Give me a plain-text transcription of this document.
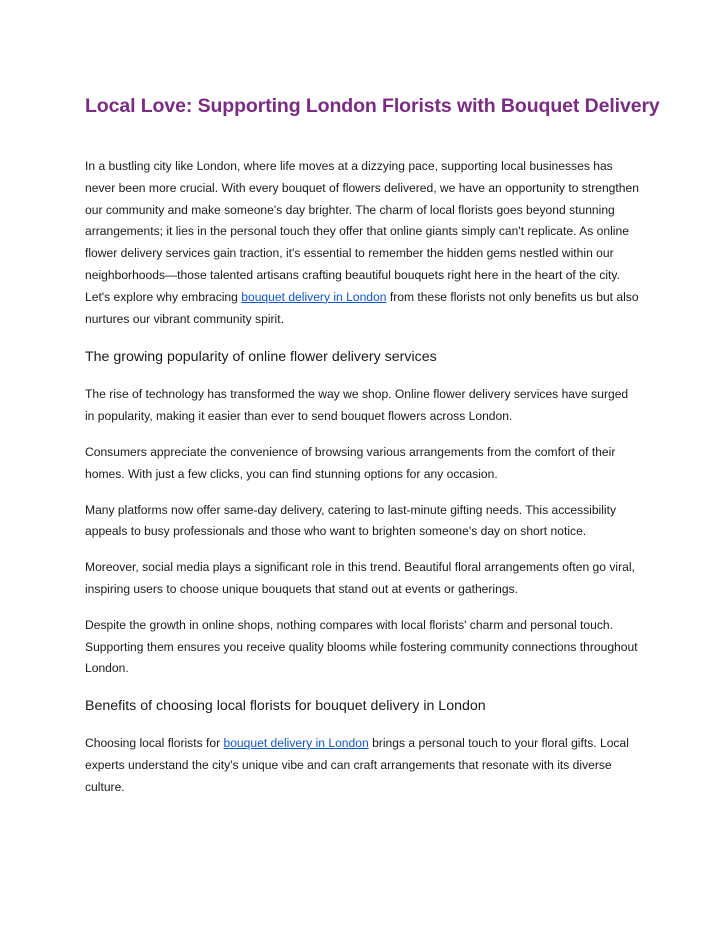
Local Love: Supporting London Florists with Bouquet Delivery

In a bustling city like London, where life moves at a dizzying pace, supporting local businesses has never been more crucial. With every bouquet of flowers delivered, we have an opportunity to strengthen our community and make someone's day brighter. The charm of local florists goes beyond stunning arrangements; it lies in the personal touch they offer that online giants simply can't replicate. As online flower delivery services gain traction, it's essential to remember the hidden gems nestled within our neighborhoods—those talented artisans crafting beautiful bouquets right here in the heart of the city. Let's explore why embracing bouquet delivery in London from these florists not only benefits us but also nurtures our vibrant community spirit.

The growing popularity of online flower delivery services

The rise of technology has transformed the way we shop. Online flower delivery services have surged in popularity, making it easier than ever to send bouquet flowers across London.

Consumers appreciate the convenience of browsing various arrangements from the comfort of their homes. With just a few clicks, you can find stunning options for any occasion.

Many platforms now offer same-day delivery, catering to last-minute gifting needs. This accessibility appeals to busy professionals and those who want to brighten someone's day on short notice.

Moreover, social media plays a significant role in this trend. Beautiful floral arrangements often go viral, inspiring users to choose unique bouquets that stand out at events or gatherings.

Despite the growth in online shops, nothing compares with local florists' charm and personal touch. Supporting them ensures you receive quality blooms while fostering community connections throughout London.

Benefits of choosing local florists for bouquet delivery in London

Choosing local florists for bouquet delivery in London brings a personal touch to your floral gifts. Local experts understand the city's unique vibe and can craft arrangements that resonate with its diverse culture.
